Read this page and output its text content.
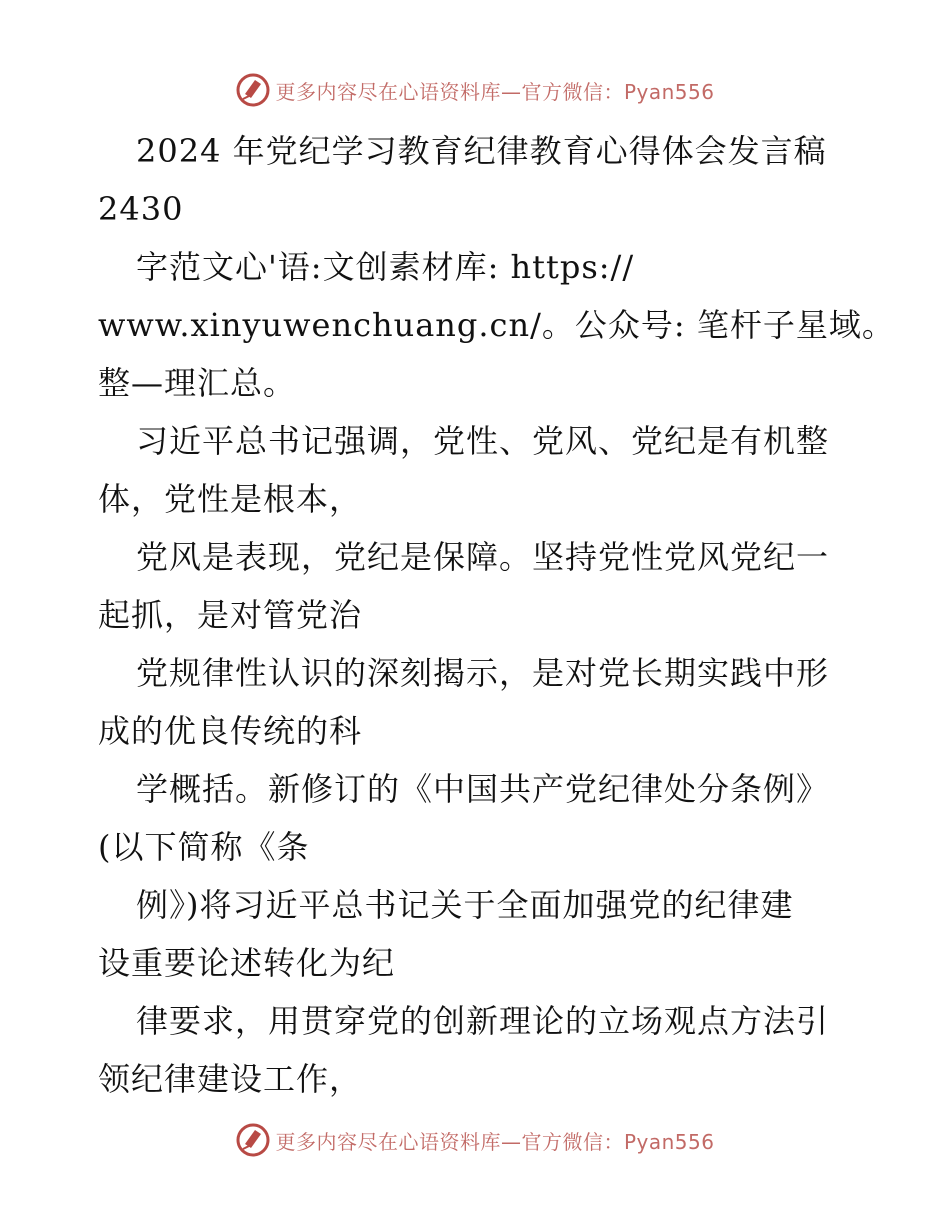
更多内容尽在心语资料库—官方微信：Pyan556
2024 年党纪学习教育纪律教育心得体会发言稿
2430
字范文心'语:文创素材库: https://
www.xinyuwenchuang.cn/。公众号: 笔杆子星域。
整—理汇总。
习近平总书记强调，党性、党风、党纪是有机整
体，党性是根本，
党风是表现，党纪是保障。坚持党性党风党纪一
起抓，是对管党治
党规律性认识的深刻揭示，是对党长期实践中形
成的优良传统的科
学概括。新修订的《中国共产党纪律处分条例》
(以下简称《条
例》)将习近平总书记关于全面加强党的纪律建
设重要论述转化为纪
律要求，用贯穿党的创新理论的立场观点方法引
领纪律建设工作，
更多内容尽在心语资料库—官方微信：Pyan556
